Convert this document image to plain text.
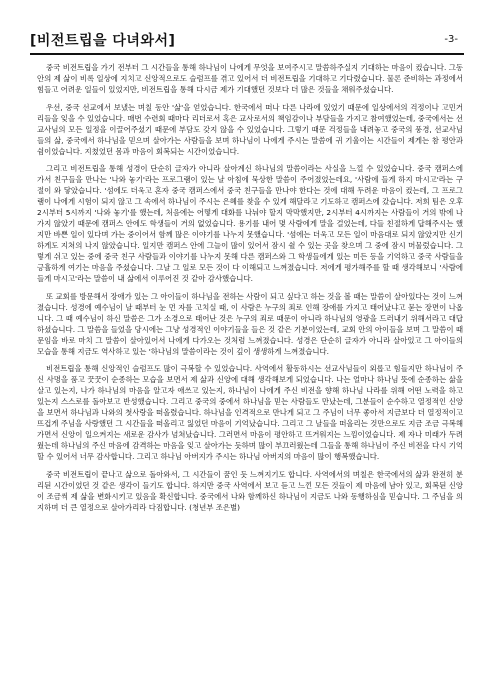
[비전트립을 다녀와서]	-3-

중국 비전트립을 가기 전부터 그 시간들을 통해 하나님이 나에게 무엇을 보여주시고 말씀하주실지 기대하는 마음이 컸습니다. 그동안의 제 삶이 비록 일상에 지치고 신앙적으로도 슬럼프를 겪고 있어서 더 비전트립을 기대하고 기다렸습니다. 물론 준비하는 과정에서 힘들고 어려운 일들이 있었지만, 비전트립을 통해 다시금 제가 기대했던 것보다 더 많은 것들을 채워주셨습니다.

우선, 중국 선교에서 보냈는 며칠 동안 '삶'을 얻었습니다. 한국에서 떠나 다른 나라에 있었기 때문에 일상에서의 걱정이나 고민거리들을 잊을 수 있었습니다. 매번 수련회 때마다 리더로서 혹은 교사로서의 책임감이나 부담들을 가지고 참여했었는데, 중국에서는 선교사님의 모든 일정을 이끌어주셨기 때문에 부담도 갖지 않을 수 있었습니다. 그렇기 때문 걱정들을 내려놓고 중국의 풍경, 선교사님들의 삶, 중국에서 하나님을 믿으며 살아가는 사람들을 보며 하나님이 나에게 주시는 말씀에 귀 기울이는 시간들이 제게는 참 평안과 쉼이었습니다. 지쳤었던 몸과 마음이 회복되는 시간이었습니다.

그리고 비전트립을 통해 성경이 단순히 글자가 아니라 살아계신 하나님의 말씀이라는 사실을 느낄 수 있었습니다. 중국 캠퍼스에 가서 친구들을 만나는 '나와 놓기'라는 프로그램이 있는 날 아침에 묵상한 말씀이 주어졌었는데요, '사람에 들게 하지 마시고'라는 구절이 와 닿았습니다. '섬에도 더욱고 혼자 중국 캠퍼스에서 중국 친구들을 만나야 한다는 것에 대해 두려운 마음이 컸는데, 그 프로그램이 나에게 시험이 되지 않고 그 속에서 하나님이 주시는 은혜를 찾을 수 있게 해달라고 기도하고 캠퍼스에 갔습니다. 저희 팀은 오후 2시부터 5시까지 '나와 놓기'를 했는데, 처음에는 어떻게 대화를 나눠야 할지 막막했지만, 2시부터 4시까지는 사람들이 거의 밖에 나가지 않았기 때문에 캠퍼스 안에도 학생들이 거의 없었습니다. 용기를 내어 몇 사람에게 말을 걸었는데, 다들 친절하게 답해주시는 했지만 바쁜 일이 있다며 가는 중이어서 함께 많은 이야기를 나누지 못했습니다. '섬에는 더욱고 모든 일이 마음대로 되지 않았지만 신기하게도 지쳐의 나지 않았습니다. 일지만 캠퍼스 안에 그늘이 많이 있어서 잠시 쉴 수 있는 곳을 찾으며 그 중에 잠시 머물렀습니다. 그렇게 쉬고 있는 중에 중국 친구 사람들과 이야기를 나누지 못해 다른 캠퍼스와 그 학생들에게 있는 미든 등을 기억하고 중국 사람들을 긍휼하게 여기는 마음을 주셨습니다. 그날 그 일로 모든 것이 다 이해되고 느껴졌습니다. 저에게 평가해주를 할 때 생각해보니 '사람에 들게 마시고'라는 말씀이 내 삶에서 이루어진 것 같아 감사했습니다.

또 교회를 방문해서 장애가 있는 그 아이들이 하나님을 전하는 사람이 되고 싶다고 하는 것을 볼 때는 말씀이 살아있다는 것이 느껴졌습니다. 성경에 예수님이 날 때부터 눈 먼 자를 고치실 때, 이 사람은 누구의 죄로 인해 장애를 가지고 태어났냐고 묻는 장면이 나옵니다. 그 때 예수님이 하신 말씀은 그가 소경으로 태어난 것은 누구의 죄로 때문이 아니라 하나님의 영광을 드러내기 위해서라고 대답하셨습니다. 그 말씀을 들었을 당시에는 그냥 성경적인 이야기들을 들은 것 같은 기분이었는데, 교회 안의 아이들을 보며 그 말씀이 때문임을 바로 마치 그 말씀이 살아있어서 나에게 다가오는 것처럼 느껴졌습니다. 성경은 단순히 글자가 아니라 살아있고 그 아이들의 모습을 통해 지금도 역사하고 있는 '하나님의 말씀이라는 것이 깊이 생생하게 느껴졌습니다.

비전트립을 통해 신앙적인 슬럼프도 많이 극복할 수 있었습니다. 사역에서 활동하시는 선교사님들이 외롭고 힘들지만 하나님이 주신 사명을 품고 꿋꿋이 순종하는 모습을 보면서 제 삶과 신앙에 대해 생각해보게 되었습니다. 나는 얼마나 하나님 뜻에 순종하는 삶을 살고 있는지, 나가 하나님의 마음을 알고자 애쓰고 있는지, 하나님이 나에게 주신 비전을 향해 하나님 나라를 위해 어떤 노력을 하고 있는지 스스로를 돌아보고 반성했습니다. 그리고 중국의 중에서 하나님을 믿는 사람들도 만났는데, 그분들이 순수하고 열정적인 신앙을 보면서 하나님과 나와의 첫사랑을 떠올렸습니다. 하나님을 인격적으로 만나게 되고 그 주님이 너무 좋아서 지금보다 더 열정적이고 뜨겁게 주님을 사랑했던 그 시간들을 떠올리고 잃었던 마음이 기억났습니다. 그리고 그 날들을 떠올리는 것만으로도 지금 조금 극복해 가면서 신앙이 일으켜지는 새로운 감사가 넘쳐났습니다. 그러면서 마음이 평안하고 뜨거워지는 느낌이었습니다. 제 자나 미래가 두려웠는데 하나님의 주신 마음에 감격하는 마음을 잊고 살아가는 듯하며 많이 부끄러웠는데 그들을 통해 하나님이 주신 비전을 다시 기억할 수 있어서 너무 감사합니다. 그리고 하나님 아버지가 주시는 하나님 아버지의 마음이 많이 행복했습니다.

중국 비전트립이 끝나고 삶으로 돌아와서, 그 시간들이 꿈인 듯 느껴지기도 합니다. 사역에서의 며칠은 한국에서의 삶과 완전히 분리된 시간이었던 것 같은 생각이 들기도 합니다. 하지만 중국 사역에서 보고 듣고 느낀 모든 것들이 제 마음에 남아 있고, 회복된 신앙이 조금씩 제 삶을 변화시키고 있음을 확신합니다. 중국에서 나와 함께하신 하나님이 지금도 나와 동행하심을 믿습니다. 그 주님을 의지하며 더 큰 열정으로 살아가리라 다짐합니다. (청년부 조은별)
